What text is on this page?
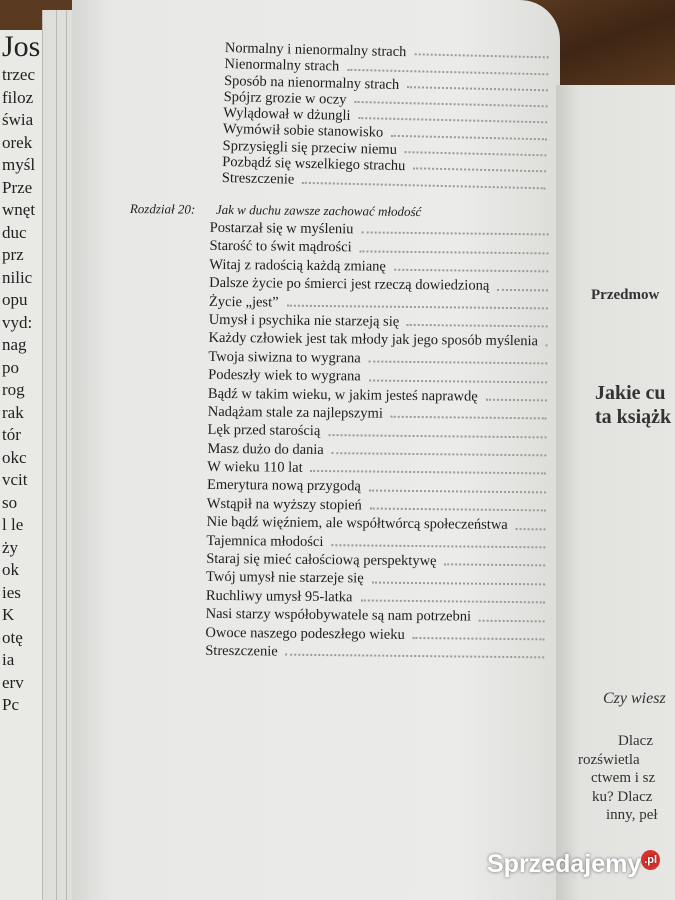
Jos
trzec
filoz
świa
orek
myśl
Prze
wnęt
duc
prz
nilic
opu
vyd:
nag
po
rog
rak
tór
okc
vcit
so
l le
ży
ok
ies
K
otę
ia
erv
Pc
Normalny i nienormalny strach
Nienormalny strach
Sposób na nienormalny strach
Spójrz grozie w oczy
Wylądował w dżungli
Wymówił sobie stanowisko
Sprzysięgli się przeciw niemu
Pozbądź się wszelkiego strachu
Streszczenie
Rozdział 20:	Jak w duchu zawsze zachować młodość
Postarzał się w myśleniu
Starość to świt mądrości
Witaj z radością każdą zmianę
Dalsze życie po śmierci jest rzeczą dowiedzioną
Życie „jest”
Umysł i psychika nie starzeją się
Każdy człowiek jest tak młody jak jego sposób myślenia
Twoja siwizna to wygrana
Podeszły wiek to wygrana
Bądź w takim wieku, w jakim jesteś naprawdę
Nadążam stale za najlepszymi
Lęk przed starością
Masz dużo do dania
W wieku 110 lat
Emerytura nową przygodą
Wstąpił na wyższy stopień
Nie bądź więźniem, ale współtwórcą społeczeństwa
Tajemnica młodości
Staraj się mieć całościową perspektywę
Twój umysł nie starzeje się
Ruchliwy umysł 95-latka
Nasi starzy współobywatele są nam potrzebni
Owoce naszego podeszłego wieku
Streszczenie
Przedmow
Jakie cu
ta książk
Czy wiesz
Dlacz
rozświetla
ctwem i sz
ku? Dlacz
inny, peł
Sprzedajemy $^{.pl}$
